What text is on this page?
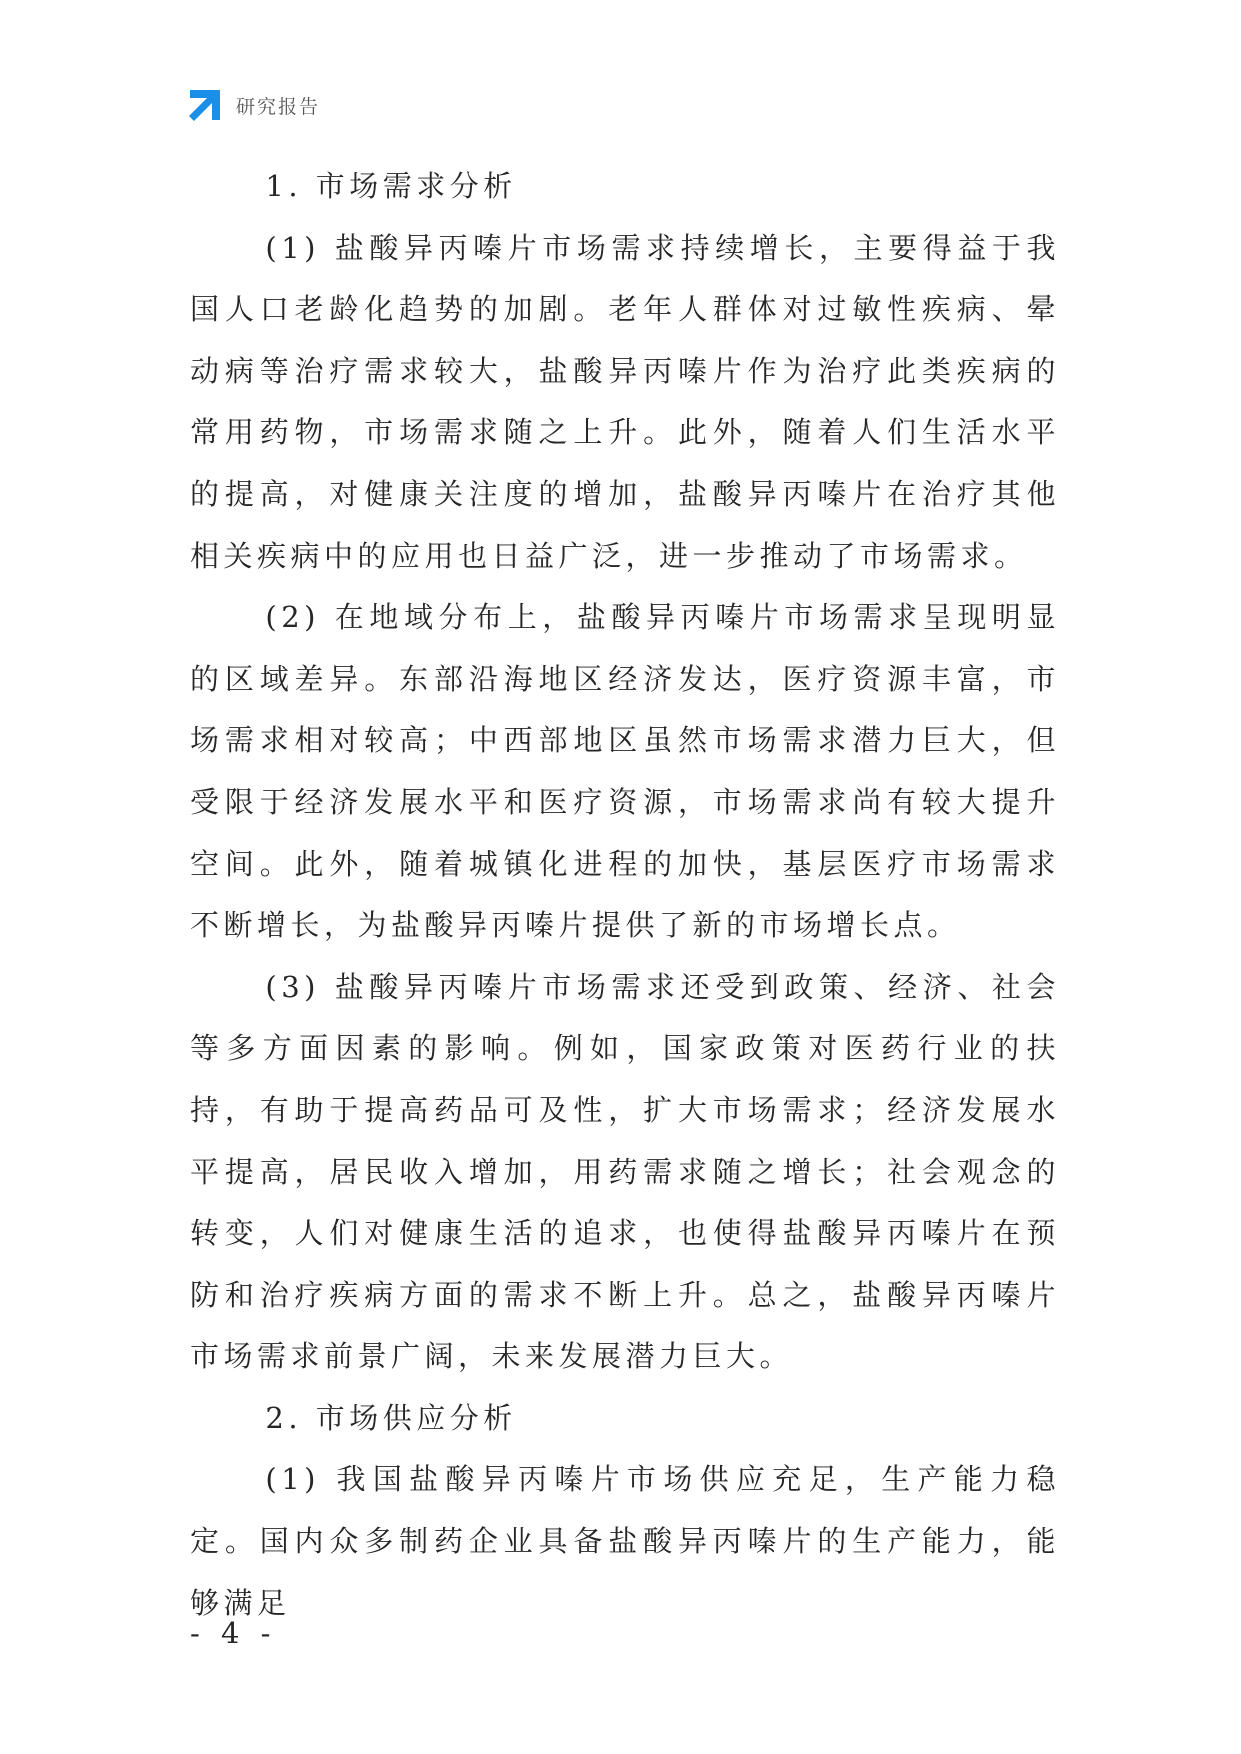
研究报告

1. 市场需求分析

(1) 盐酸异丙嗪片市场需求持续增长，主要得益于我国人口老龄化趋势的加剧。老年人群体对过敏性疾病、晕动病等治疗需求较大，盐酸异丙嗪片作为治疗此类疾病的常用药物，市场需求随之上升。此外，随着人们生活水平的提高，对健康关注度的增加，盐酸异丙嗪片在治疗其他相关疾病中的应用也日益广泛，进一步推动了市场需求。

(2) 在地域分布上，盐酸异丙嗪片市场需求呈现明显的区域差异。东部沿海地区经济发达，医疗资源丰富，市场需求相对较高；中西部地区虽然市场需求潜力巨大，但受限于经济发展水平和医疗资源，市场需求尚有较大提升空间。此外，随着城镇化进程的加快，基层医疗市场需求不断增长，为盐酸异丙嗪片提供了新的市场增长点。

(3) 盐酸异丙嗪片市场需求还受到政策、经济、社会等多方面因素的影响。例如，国家政策对医药行业的扶持，有助于提高药品可及性，扩大市场需求；经济发展水平提高，居民收入增加，用药需求随之增长；社会观念的转变，人们对健康生活的追求，也使得盐酸异丙嗪片在预防和治疗疾病方面的需求不断上升。总之，盐酸异丙嗪片市场需求前景广阔，未来发展潜力巨大。

2. 市场供应分析

(1) 我国盐酸异丙嗪片市场供应充足，生产能力稳定。国内众多制药企业具备盐酸异丙嗪片的生产能力，能够满足

- 4 -
